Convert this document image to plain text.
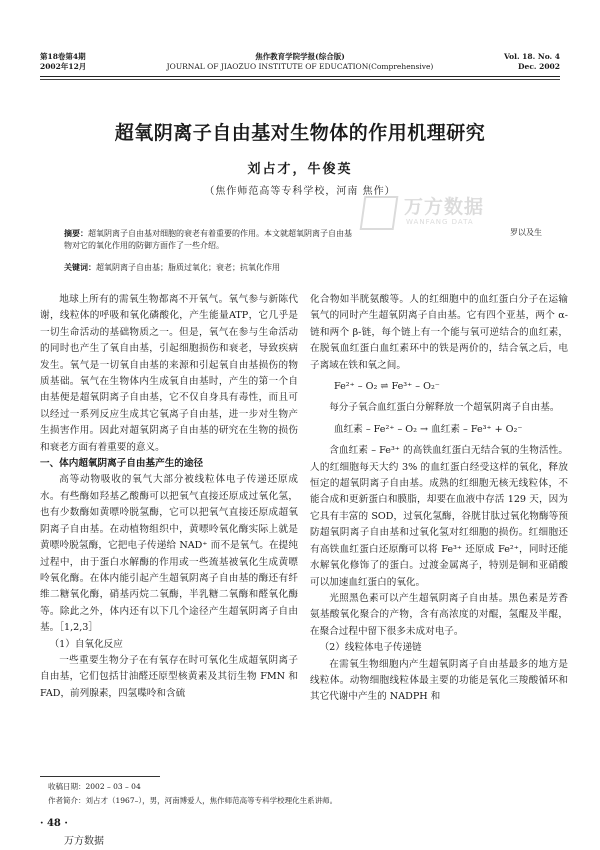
第18卷第4期
2002年12月
焦作教育学院学报(综合版)
JOURNAL OF JIAOZUO INSTITUTE OF EDUCATION(Comprehensive)
Vol. 18. No. 4
Dec. 2002
超氧阴离子自由基对生物体的作用机理研究
刘占才，牛俊英
（焦作师范高等专科学校，河南 焦作）
万方数据
WANFANG DATA
摘要：超氧阴离子自由基对细胞的衰老有着重要的作用。本文就超氧阴离子自由基
物对它的氧化作用的防御方面作了一些介绍。
罗以及生
关键词：超氧阴离子自由基；脂质过氧化；衰老；抗氧化作用

地球上所有的需氧生物都离不开氧气。氧气参与新陈代谢，线粒体的呼吸和氧化磷酸化，产生能量ATP，它几乎是一切生命活动的基础物质之一。但是，氧气在参与生命活动的同时也产生了氧自由基，引起细胞损伤和衰老，导致疾病发生。氧气是一切氧自由基的来源和引起氧自由基损伤的物质基础。氧气在生物体内生成氧自由基时，产生的第一个自由基便是超氧阴离子自由基，它不仅自身具有毒性，而且可以经过一系列反应生成其它氧离子自由基，进一步对生物产生损害作用。因此对超氧阴离子自由基的研究在生物的损伤和衰老方面有着重要的意义。

一、体内超氧阴离子自由基产生的途径

高等动物吸收的氧气大部分被线粒体电子传递还原成水。有些酶如羟基乙酸酶可以把氧气直接还原成过氧化氢，也有少数酶如黄嘌呤脱氢酶，它可以把氧气直接还原成超氧阴离子自由基。在动植物组织中，黄嘌呤氧化酶实际上就是黄嘌呤脱氢酶，它把电子传递给 NAD⁺ 而不是氧气。在提纯过程中，由于蛋白水解酶的作用或一些巯基被氧化生成黄嘌呤氧化酶。在体内能引起产生超氧阴离子自由基的酶还有纤维二糖氧化酶，硝基丙烷二氧酶，半乳糖二氧酶和醛氧化酶等。除此之外，体内还有以下几个途径产生超氧阴离子自由基。［1,2,3］

（1）自氧化反应

一些重要生物分子在有氧存在时可氧化生成超氧阴离子自由基，它们包括甘油醛还原型核黄素及其衍生物 FMN 和 FAD，前列腺素，四氢喋呤和含硫

化合物如半胱氨酸等。人的红细胞中的血红蛋白分子在运输氧气的同时产生超氧阴离子自由基。它有四个亚基，两个 α-链和两个 β-链，每个链上有一个能与氧可逆结合的血红素，在脱氧血红蛋白血红素环中的铁是两价的，结合氧之后，电子离域在铁和氧之间。

Fe²⁺ – O₂ ⇌ Fe³⁺ – O₂⁻

每分子氧合血红蛋白分解释放一个超氧阴离子自由基。

血红素 – Fe²⁺ – O₂ → 血红素 – Fe³⁺ + O₂⁻

含血红素 – Fe³⁺ 的高铁血红蛋白无结合氧的生物活性。人的红细胞每天大约 3% 的血红蛋白经受这样的氧化，释放恒定的超氧阴离子自由基。成熟的红细胞无核无线粒体，不能合成和更新蛋白和膜脂，却要在血液中存活 129 天，因为它具有丰富的 SOD，过氧化氢酶，谷胱甘肽过氧化物酶等预防超氧阴离子自由基和过氧化氢对红细胞的损伤。红细胞还有高铁血红蛋白还原酶可以将 Fe³⁺ 还原成 Fe²⁺，同时还能水解氧化修饰了的蛋白。过渡金属离子，特别是铜和亚硝酸可以加速血红蛋白的氧化。

光照黑色素可以产生超氧阴离子自由基。黑色素是芳香氨基酸氧化聚合的产物，含有高浓度的对醌，氢醌及半醌，在聚合过程中留下很多未成对电子。

（2）线粒体电子传递链

在需氧生物细胞内产生超氧阴离子自由基最多的地方是线粒体。动物细胞线粒体最主要的功能是氧化三羧酸循环和其它代谢中产生的 NADPH 和

收稿日期：2002 – 03 – 04
作者简介：刘占才（1967–），男，河南博爱人，焦作师范高等专科学校理化生系讲师。
· 48 ·
万方数据
